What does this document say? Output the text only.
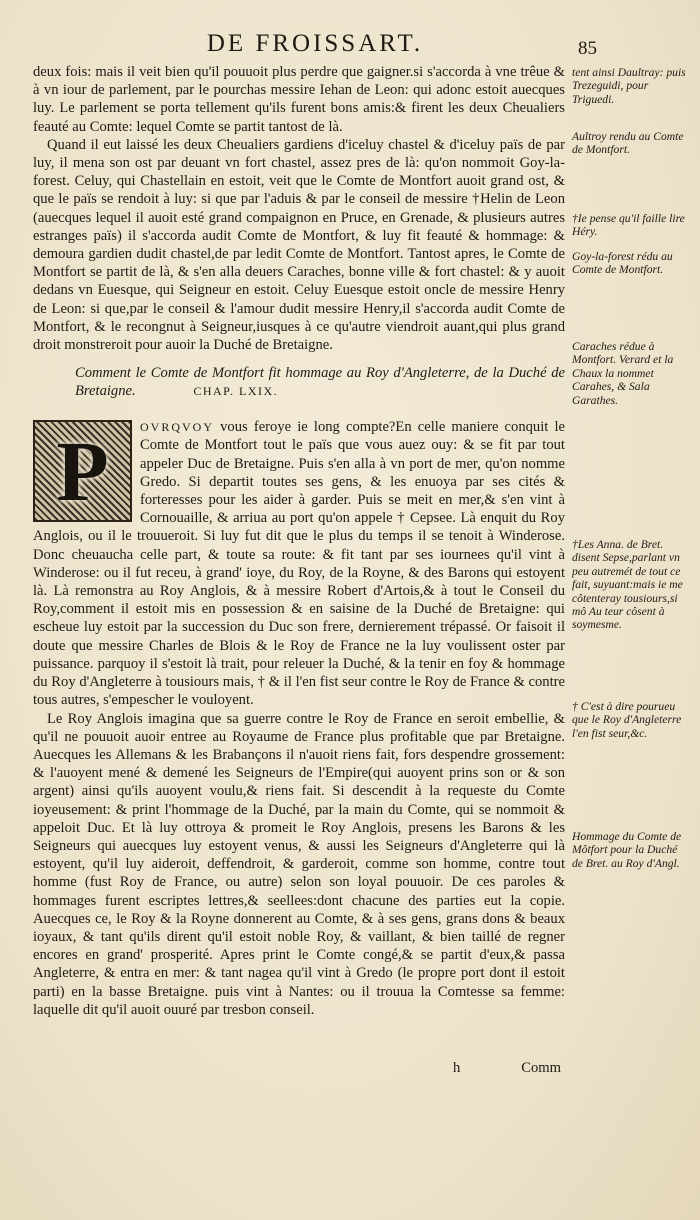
DE FROISSART.	85

deux fois: mais il veit bien qu'il pouuoit plus perdre que gaigner.si s'accorda à vne trêue & à vn iour de parlement, par le pourchas messire Iehan de Leon: qui adonc estoit auecques luy. Le parlement se porta tellement qu'ils furent bons amis:& firent les deux Cheualiers feauté au Comte: lequel Comte se partit tantost de là.

Quand il eut laissé les deux Cheualiers gardiens d'iceluy chastel & d'iceluy païs de par luy, il mena son ost par deuant vn fort chastel, assez pres de là: qu'on nommoit Goy-la-forest. Celuy, qui Chastellain en estoit, veit que le Comte de Montfort auoit grand ost, & que le païs se rendoit à luy: si que par l'aduis & par le conseil de messire †Helin de Leon (auecques lequel il auoit esté grand compaignon en Pruce, en Grenade, & plusieurs autres estranges païs) il s'accorda audit Comte de Montfort, & luy fit feauté & hommage: & demoura gardien dudit chastel,de par ledit Comte de Montfort. Tantost apres, le Comte de Montfort se partit de là, & s'en alla deuers Caraches, bonne ville & fort chastel: & y auoit dedans vn Euesque, qui Seigneur en estoit. Celuy Euesque estoit oncle de messire Henry de Leon: si que,par le conseil & l'amour dudit messire Henry,il s'accorda audit Comte de Montfort, & le recongnut à Seigneur,iusques à ce qu'autre viendroit auant,qui plus grand droit monstreroit pour auoir la Duché de Bretaigne.

Comment le Comte de Montfort fit hommage au Roy d'Angleterre, de la Duché de Bretaigne.	CHAP. LXIX.

P	OVRQVOY vous feroye ie long compte?En celle maniere conquit le Comte de Montfort tout le païs que vous auez ouy: & se fit par tout appeler Duc de Bretaigne. Puis s'en alla à vn port de mer, qu'on nomme Gredo. Si departit toutes ses gens, & les enuoya par ses cités & forteresses pour les aider à garder. Puis se meit en mer,& s'en vint à Cornouaille, & arriua au port qu'on appele † Cepsee. Là enquit du Roy Anglois, ou il le trouueroit. Si luy fut dit que le plus du temps il se tenoit à Winderose. Donc cheuaucha celle part, & toute sa route: & fit tant par ses iournees qu'il vint à Winderose: ou il fut receu, à grand' ioye, du Roy, de la Royne, & des Barons qui estoyent là. Là remonstra au Roy Anglois, & à messire Robert d'Artois,& à tout le Conseil du Roy,comment il estoit mis en possession & en saisine de la Duché de Bretaigne: qui escheue luy estoit par la succession du Duc son frere, dernierement trépassé. Or faisoit il doute que messire Charles de Blois & le Roy de France ne la luy voulissent oster par puissance. parquoy il s'estoit là trait, pour releuer la Duché, & la tenir en foy & hommage du Roy d'Angleterre à tousiours mais, † & il l'en fist seur contre le Roy de France & contre tous autres, s'empescher le vouloyent.

Le Roy Anglois imagina que sa guerre contre le Roy de France en seroit embellie, & qu'il ne pouuoit auoir entree au Royaume de France plus profitable que par Bretaigne. Auecques les Allemans & les Brabançons il n'auoit riens fait, fors despendre grossement: & l'auoyent mené & demené les Seigneurs de l'Empire(qui auoyent prins son or & son argent) ainsi qu'ils auoyent voulu,& riens fait. Si descendit à la requeste du Comte ioyeusement: & print l'hommage de la Duché, par la main du Comte, qui se nommoit & appeloit Duc. Et là luy ottroya & promeit le Roy Anglois, presens les Barons & les Seigneurs qui auecques luy estoyent venus, & aussi les Seigneurs d'Angleterre qui là estoyent, qu'il luy aideroit, deffendroit, & garderoit, comme son homme, contre tout homme (fust Roy de France, ou autre) selon son loyal pouuoir. De ces paroles & hommages furent escriptes lettres,& seellees:dont chacune des parties eut la copie. Auecques ce, le Roy & la Royne donnerent au Comte, & à ses gens, grans dons & beaux ioyaux, & tant qu'ils dirent qu'il estoit noble Roy, & vaillant, & bien taillé de regner encores en grand' prosperité. Apres print le Comte congé,& se partit d'eux,& passa Angleterre, & entra en mer: & tant nagea qu'il vint à Gredo (le propre port dont il estoit parti) en la basse Bretaigne. puis vint à Nantes: ou il trouua la Comtesse sa femme: laquelle dit qu'il auoit ouuré par tresbon conseil.

h	Comm
tent ainsi Daultray: puis Trezeguidi, pour Triguedi.
Aultroy rendu au Comte de Montfort.
†Ie pense qu'il faille lire Héry.
Goy-la-forest rédu au Comte de Montfort.
Caraches rédue à Montfort. Verard et la Chaux la nommet Carahes, & Sala Garathes.
†Les Anna. de Bret. disent Sepse,parlant vn peu autremét de tout ce fait, suyuant:mais ie me côtenteray tousiours,si mô Au teur côsent à soymesme.
† C'est à dire pourueu que le Roy d'Angleterre l'en fist seur,&c.
Hommage du Comte de Môtfort pour la Duché de Bret. au Roy d'Angl.
